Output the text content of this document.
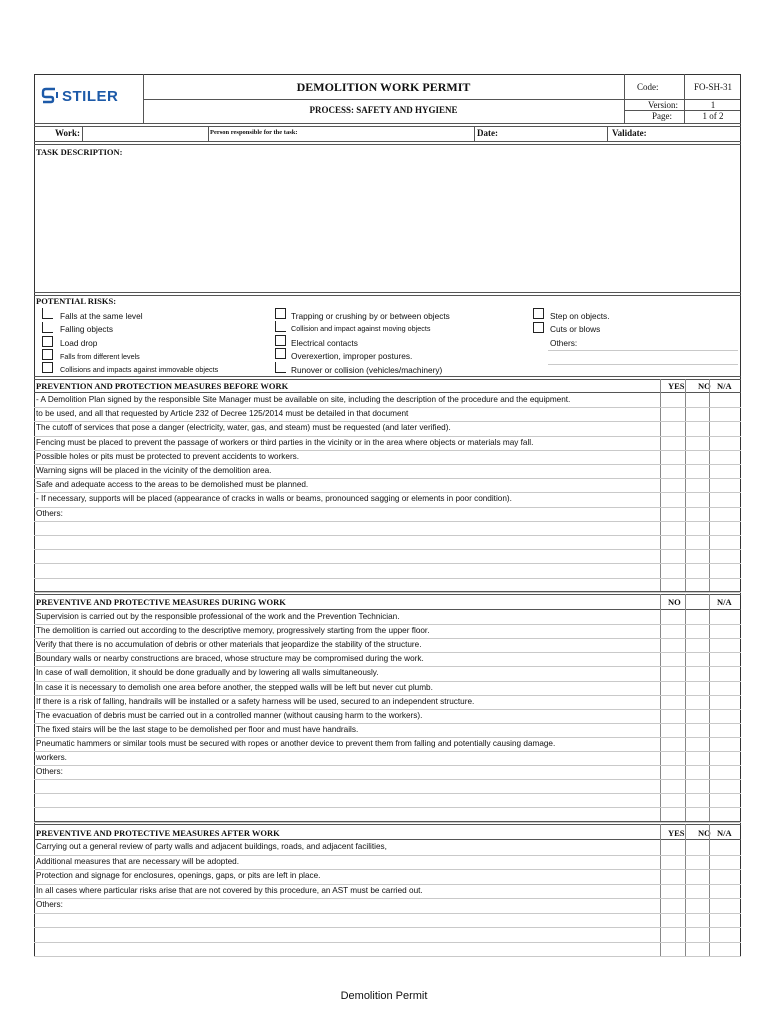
STILER
DEMOLITION WORK PERMIT
PROCESS: SAFETY AND HYGIENE
Code:	FO-SH-31
Version:	1
Page:	1 of 2
Work:	Person responsible for the task:	Date:	Validate:
TASK DESCRIPTION:
POTENTIAL RISKS:
Falls at the same level
Falling objects
Load drop
Falls from different levels
Collisions and impacts against immovable objects
Trapping or crushing by or between objects
Collision and impact against moving objects
Electrical contacts
Overexertion, improper postures.
Runover or collision (vehicles/machinery)
Step on objects.
Cuts or blows
Others:
PREVENTION AND PROTECTION MEASURES BEFORE WORK	YES NO N/A
- A Demolition Plan signed by the responsible Site Manager must be available on site, including the description of the procedure and the equipment.
to be used, and all that requested by Article 232 of Decree 125/2014 must be detailed in that document
The cutoff of services that pose a danger (electricity, water, gas, and steam) must be requested (and later verified).
Fencing must be placed to prevent the passage of workers or third parties in the vicinity or in the area where objects or materials may fall.
Possible holes or pits must be protected to prevent accidents to workers.
Warning signs will be placed in the vicinity of the demolition area.
Safe and adequate access to the areas to be demolished must be planned.
- If necessary, supports will be placed (appearance of cracks in walls or beams, pronounced sagging or elements in poor condition).
Others:
PREVENTIVE AND PROTECTIVE MEASURES DURING WORK	NO	N/A
Supervision is carried out by the responsible professional of the work and the Prevention Technician.
The demolition is carried out according to the descriptive memory, progressively starting from the upper floor.
Verify that there is no accumulation of debris or other materials that jeopardize the stability of the structure.
Boundary walls or nearby constructions are braced, whose structure may be compromised during the work.
In case of wall demolition, it should be done gradually and by lowering all walls simultaneously.
In case it is necessary to demolish one area before another, the stepped walls will be left but never cut plumb.
If there is a risk of falling, handrails will be installed or a safety harness will be used, secured to an independent structure.
The evacuation of debris must be carried out in a controlled manner (without causing harm to the workers).
The fixed stairs will be the last stage to be demolished per floor and must have handrails.
Pneumatic hammers or similar tools must be secured with ropes or another device to prevent them from falling and potentially causing damage.
workers.
Others:
PREVENTIVE AND PROTECTIVE MEASURES AFTER WORK	YES NO N/A
Carrying out a general review of party walls and adjacent buildings, roads, and adjacent facilities,
Additional measures that are necessary will be adopted.
Protection and signage for enclosures, openings, gaps, or pits are left in place.
In all cases where particular risks arise that are not covered by this procedure, an AST must be carried out.
Others:
Demolition Permit
